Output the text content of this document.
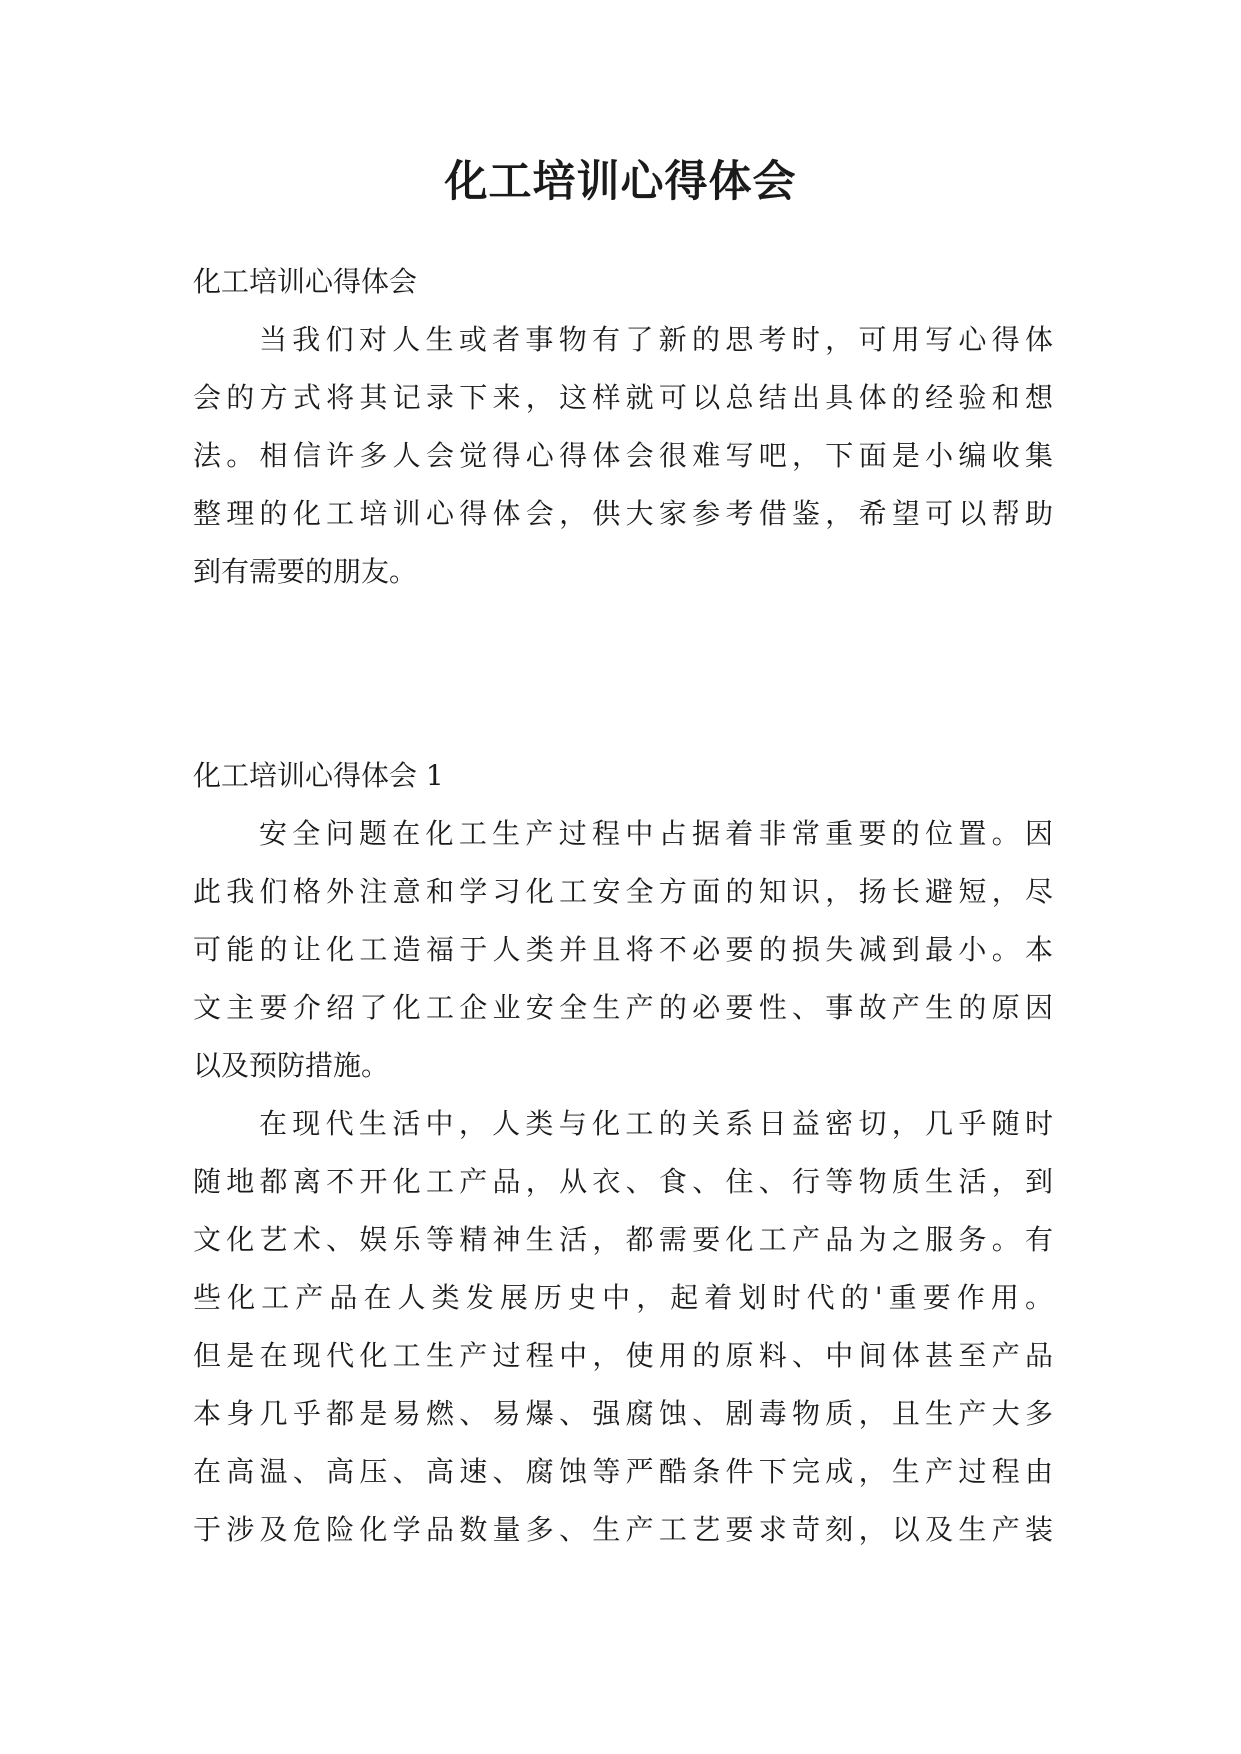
化工培训心得体会
化工培训心得体会
当我们对人生或者事物有了新的思考时，可用写心得体
会的方式将其记录下来，这样就可以总结出具体的经验和想
法。相信许多人会觉得心得体会很难写吧，下面是小编收集
整理的化工培训心得体会，供大家参考借鉴，希望可以帮助
到有需要的朋友。
化工培训心得体会 1
安全问题在化工生产过程中占据着非常重要的位置。因
此我们格外注意和学习化工安全方面的知识，扬长避短，尽
可能的让化工造福于人类并且将不必要的损失减到最小。本
文主要介绍了化工企业安全生产的必要性、事故产生的原因
以及预防措施。
在现代生活中，人类与化工的关系日益密切，几乎随时
随地都离不开化工产品，从衣、食、住、行等物质生活，到
文化艺术、娱乐等精神生活，都需要化工产品为之服务。有
些化工产品在人类发展历史中，起着划时代的'重要作用。
但是在现代化工生产过程中，使用的原料、中间体甚至产品
本身几乎都是易燃、易爆、强腐蚀、剧毒物质，且生产大多
在高温、高压、高速、腐蚀等严酷条件下完成，生产过程由
于涉及危险化学品数量多、生产工艺要求苛刻，以及生产装
